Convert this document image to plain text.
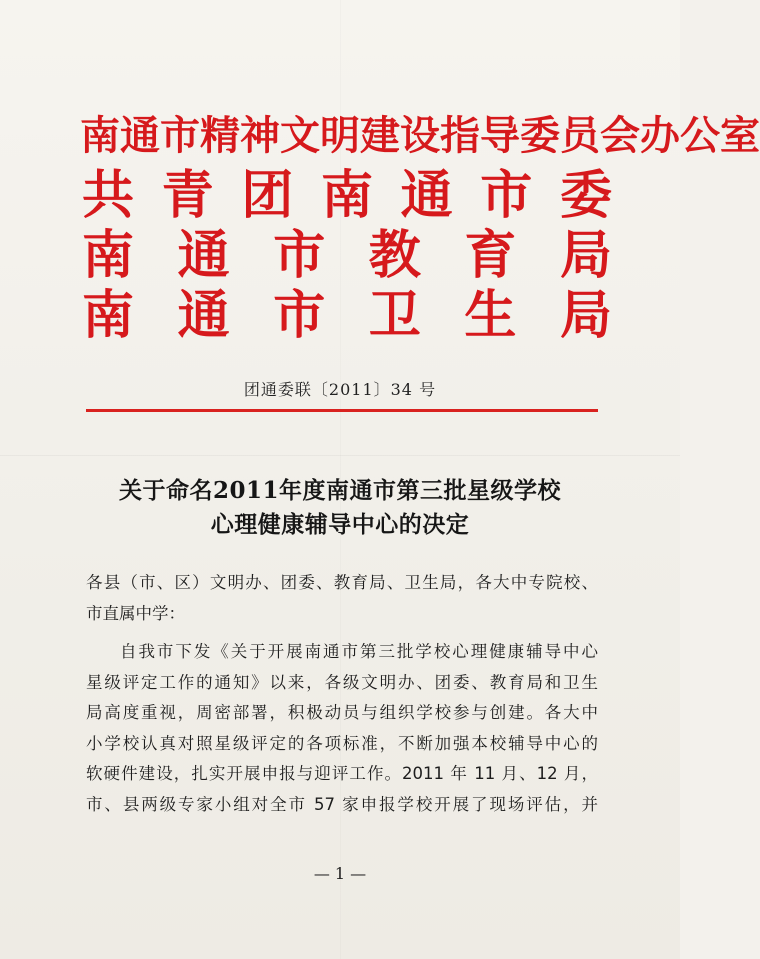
南通市精神文明建设指导委员会办公室
共 青 团 南 通 市 委
南 通 市 教 育 局
南 通 市 卫 生 局
团通委联〔2011〕34 号
关于命名2011年度南通市第三批星级学校
心理健康辅导中心的决定
各县（市、区）文明办、团委、教育局、卫生局，各大中专院校、
市直属中学：
自我市下发《关于开展南通市第三批学校心理健康辅导中心
星级评定工作的通知》以来，各级文明办、团委、教育局和卫生
局高度重视，周密部署，积极动员与组织学校参与创建。各大中
小学校认真对照星级评定的各项标准，不断加强本校辅导中心的
软硬件建设，扎实开展申报与迎评工作。2011 年 11 月、12 月，
市、县两级专家小组对全市 57 家申报学校开展了现场评估，并
— 1 —
